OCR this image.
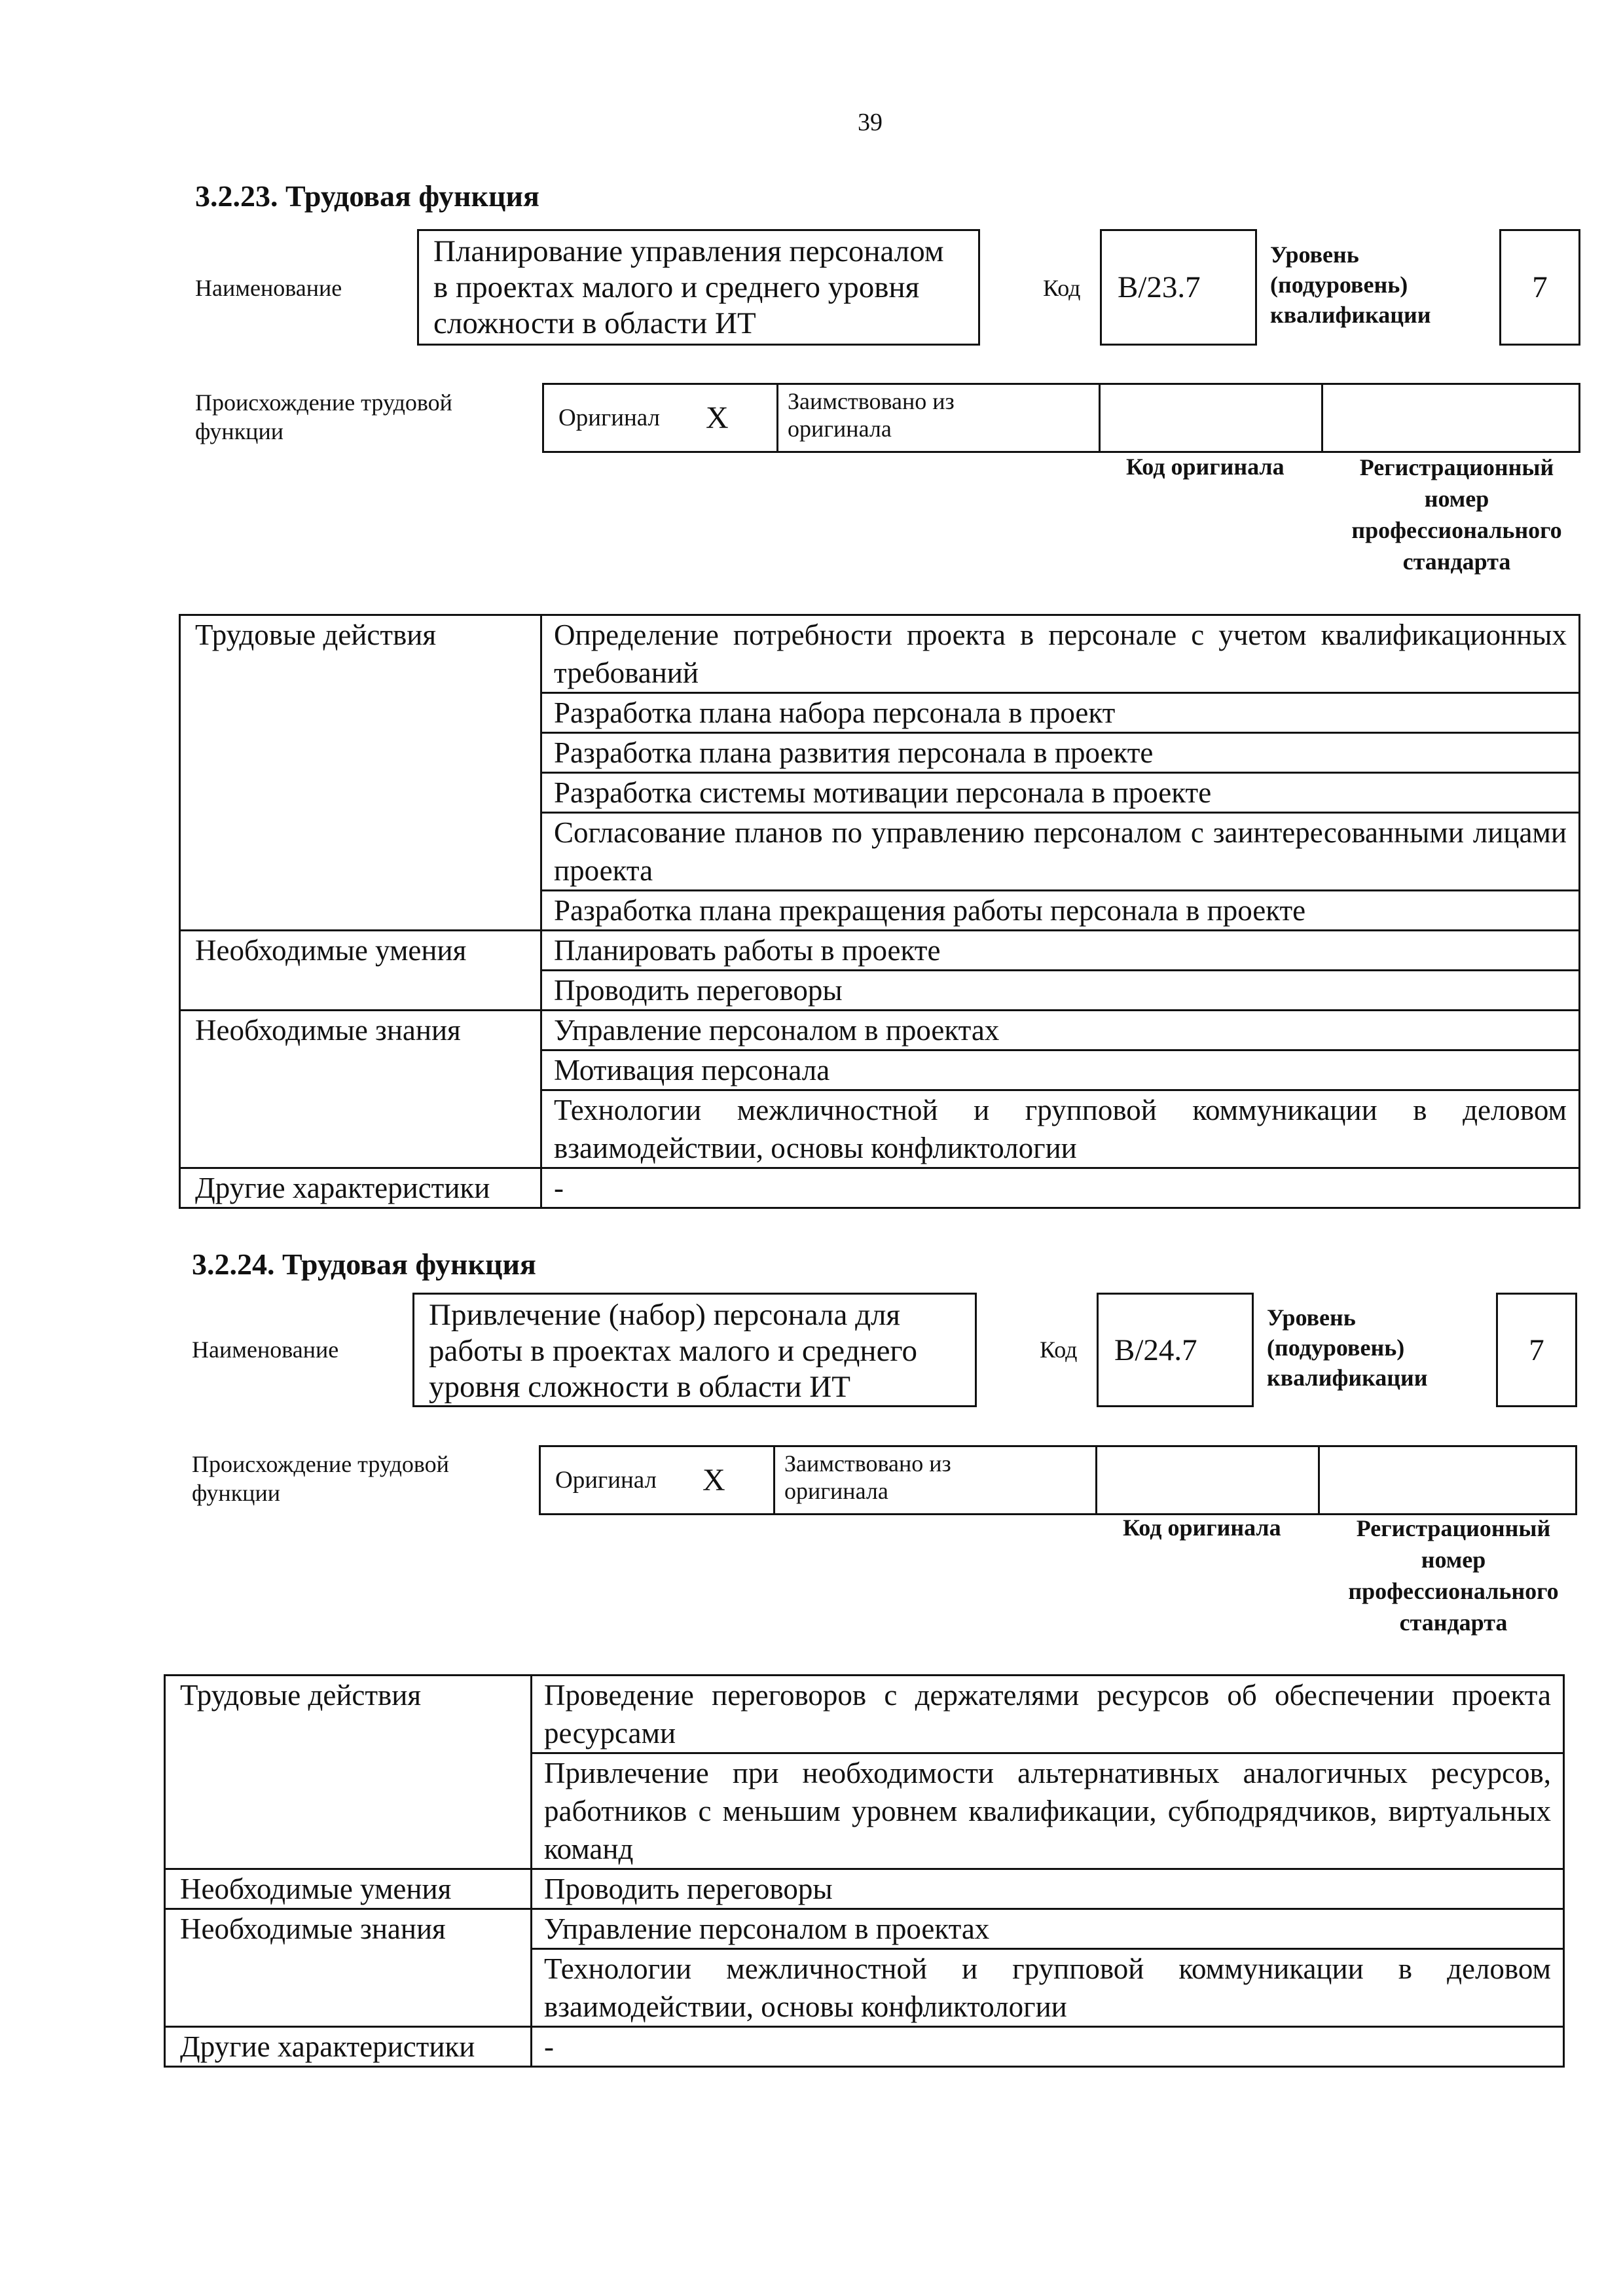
39
3.2.23. Трудовая функция
Наименование
Планирование управления персоналом
в проектах малого и среднего уровня
сложности в области ИТ
Код	B/23.7
Уровень
(подуровень)
квалификации
7
Происхождение трудовой
функции	Оригинал X	Заимствовано из
оригинала
Код оригинала	Регистрационный
номер
профессионального
стандарта
Трудовые действия	Определение потребности проекта в персонале с учетом квалификационных требований
	Разработка плана набора персонала в проект
	Разработка плана развития персонала в проекте
	Разработка системы мотивации персонала в проекте
	Согласование планов по управлению персоналом с заинтересованными лицами проекта
	Разработка плана прекращения работы персонала в проекте
Необходимые умения	Планировать работы в проекте
	Проводить переговоры
Необходимые знания	Управление персоналом в проектах
	Мотивация персонала
	Технологии межличностной и групповой коммуникации в деловом взаимодействии, основы конфликтологии
Другие характеристики	-
3.2.24. Трудовая функция
Наименование
Привлечение (набор) персонала для
работы в проектах малого и среднего
уровня сложности в области ИТ
Код	B/24.7
Уровень
(подуровень)
квалификации
7
Происхождение трудовой
функции	Оригинал X	Заимствовано из
оригинала
Код оригинала	Регистрационный
номер
профессионального
стандарта
Трудовые действия	Проведение переговоров с держателями ресурсов об обеспечении проекта ресурсами
	Привлечение при необходимости альтернативных аналогичных ресурсов, работников с меньшим уровнем квалификации, субподрядчиков, виртуальных команд
Необходимые умения	Проводить переговоры
Необходимые знания	Управление персоналом в проектах
	Технологии межличностной и групповой коммуникации в деловом взаимодействии, основы конфликтологии
Другие характеристики	-
